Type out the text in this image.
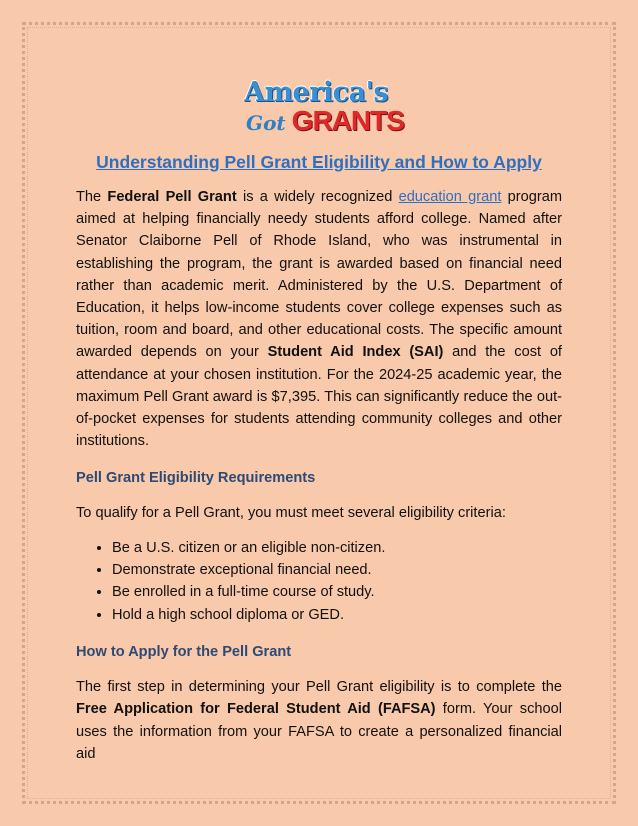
America's
Got GRANTS
Understanding Pell Grant Eligibility and How to Apply

The Federal Pell Grant is a widely recognized education grant program aimed at helping financially needy students afford college. Named after Senator Claiborne Pell of Rhode Island, who was instrumental in establishing the program, the grant is awarded based on financial need rather than academic merit. Administered by the U.S. Department of Education, it helps low-income students cover college expenses such as tuition, room and board, and other educational costs. The specific amount awarded depends on your Student Aid Index (SAI) and the cost of attendance at your chosen institution. For the 2024-25 academic year, the maximum Pell Grant award is $7,395. This can significantly reduce the out-of-pocket expenses for students attending community colleges and other institutions.

Pell Grant Eligibility Requirements

To qualify for a Pell Grant, you must meet several eligibility criteria:

• Be a U.S. citizen or an eligible non-citizen.
• Demonstrate exceptional financial need.
• Be enrolled in a full-time course of study.
• Hold a high school diploma or GED.
How to Apply for the Pell Grant

The first step in determining your Pell Grant eligibility is to complete the Free Application for Federal Student Aid (FAFSA) form. Your school uses the information from your FAFSA to create a personalized financial aid
